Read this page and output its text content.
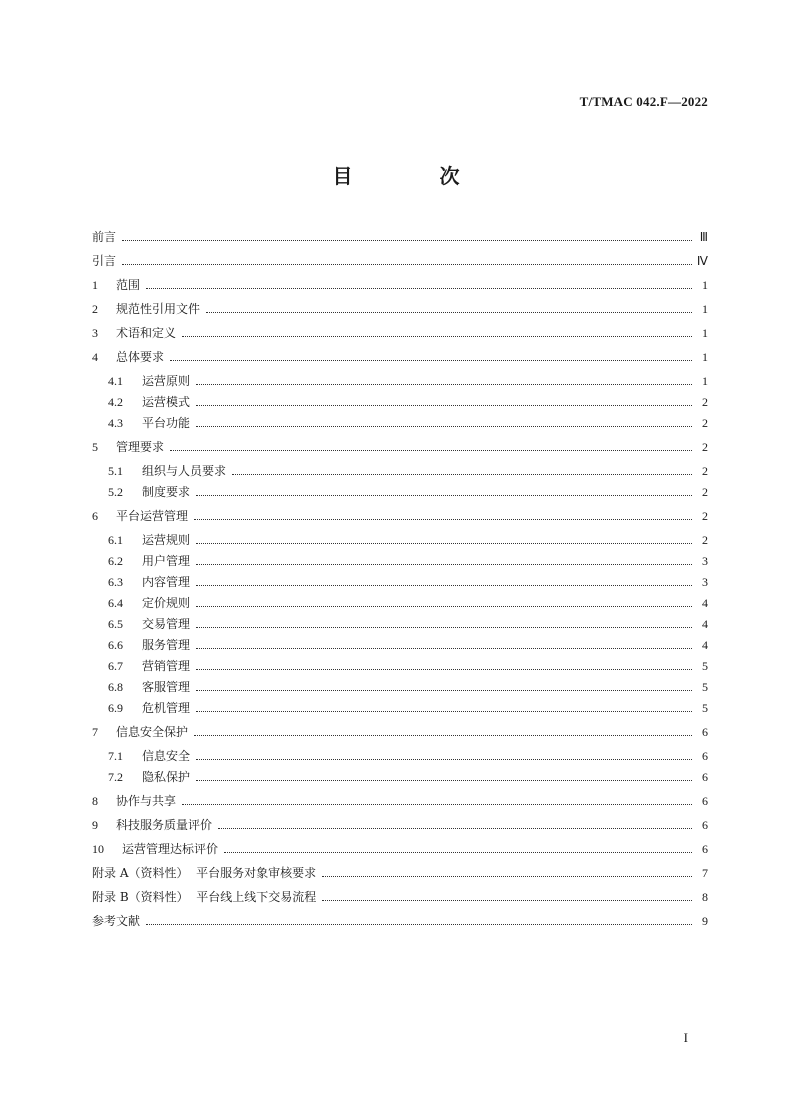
T/TMAC 042.F—2022
目 次
前言	Ⅲ
引言	Ⅳ
1	范围	1
2	规范性引用文件	1
3	术语和定义	1
4	总体要求	1
4.1	运营原则	1
4.2	运营模式	2
4.3	平台功能	2
5	管理要求	2
5.1	组织与人员要求	2
5.2	制度要求	2
6	平台运营管理	2
6.1	运营规则	2
6.2	用户管理	3
6.3	内容管理	3
6.4	定价规则	4
6.5	交易管理	4
6.6	服务管理	4
6.7	营销管理	5
6.8	客服管理	5
6.9	危机管理	5
7	信息安全保护	6
7.1	信息安全	6
7.2	隐私保护	6
8	协作与共享	6
9	科技服务质量评价	6
10	运营管理达标评价	6
附录 A（资料性）  平台服务对象审核要求	7
附录 B（资料性）  平台线上线下交易流程	8
参考文献	9
I
